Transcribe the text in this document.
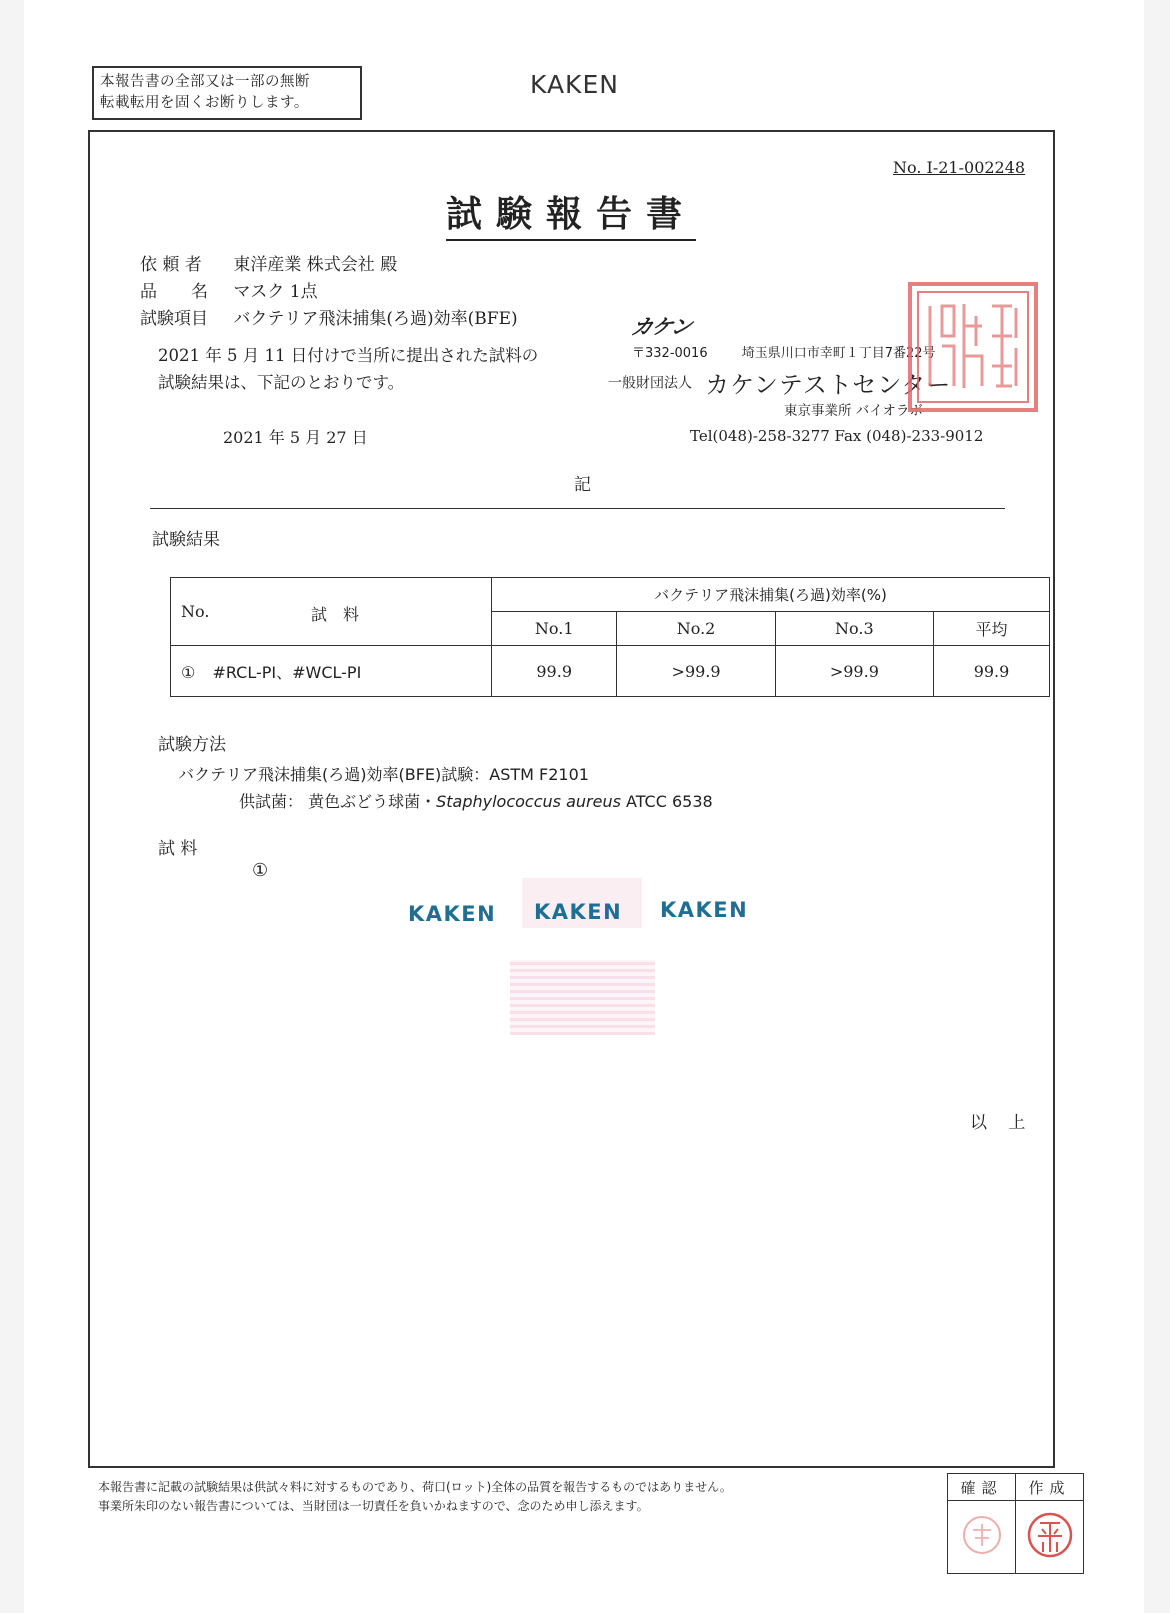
本報告書の全部又は一部の無断
転載転用を固くお断りします。
KAKEN
No. I-21-002248
試験報告書
依 頼 者 東洋産業 株式会社 殿
品　　名 マスク 1点
試験項目 バクテリア飛沫捕集(ろ過)効率(BFE)
2021 年 5 月 11 日付けで当所に提出された試料の
試験結果は、下記のとおりです。
2021 年 5 月 27 日
カケン
〒332-0016	埼玉県川口市幸町１丁目7番22号
一般財団法人 カケンテストセンター
東京事業所 バイオラボ
Tel(048)-258-3277 Fax (048)-233-9012
記
試験結果
No. 試　料	バクテリア飛沫捕集(ろ過)効率(%)			
	No.1	No.2	No.3	平均
① #RCL-PI、#WCL-PI	99.9	>99.9	>99.9	99.9
試験方法
バクテリア飛沫捕集(ろ過)効率(BFE)試験：ASTM F2101
供試菌： 黄色ぶどう球菌・Staphylococcus aureus ATCC 6538
試 料
①
KAKEN KAKEN KAKEN
以 上
本報告書に記載の試験結果は供試々料に対するものであり、荷口(ロット)全体の品質を報告するものではありません。
事業所朱印のない報告書については、当財団は一切責任を負いかねますので、念のため申し添えます。
確認	作成
